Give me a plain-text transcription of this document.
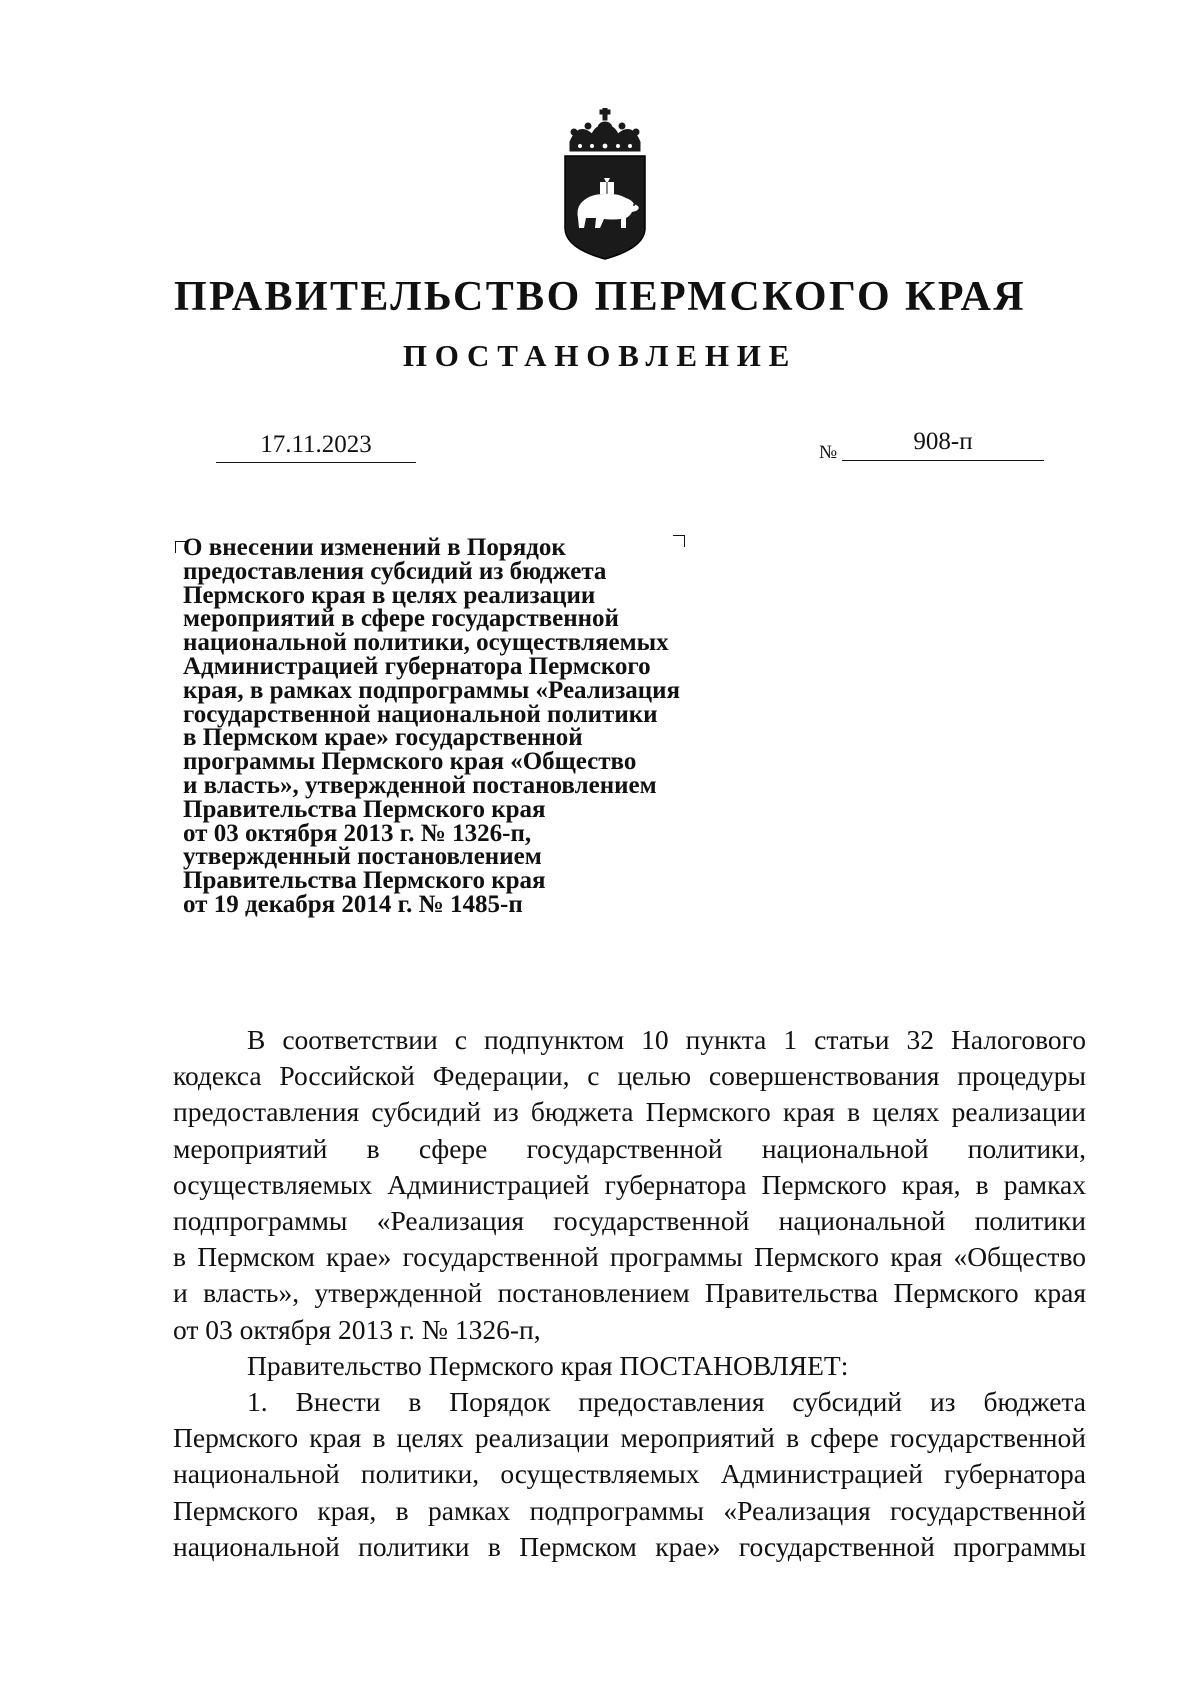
ПРАВИТЕЛЬСТВО ПЕРМСКОГО КРАЯ
ПОСТАНОВЛЕНИЕ
17.11.2023	№	908-п
О внесении изменений в Порядок
предоставления субсидий из бюджета
Пермского края в целях реализации
мероприятий в сфере государственной
национальной политики, осуществляемых
Администрацией губернатора Пермского
края, в рамках подпрограммы «Реализация
государственной национальной политики
в Пермском крае» государственной
программы Пермского края «Общество
и власть», утвержденной постановлением
Правительства Пермского края
от 03 октября 2013 г. № 1326-п,
утвержденный постановлением
Правительства Пермского края
от 19 декабря 2014 г. № 1485-п
В соответствии с подпунктом 10 пункта 1 статьи 32 Налогового
кодекса Российской Федерации, с целью совершенствования процедуры
предоставления субсидий из бюджета Пермского края в целях реализации
мероприятий в сфере государственной национальной политики,
осуществляемых Администрацией губернатора Пермского края, в рамках
подпрограммы «Реализация государственной национальной политики
в Пермском крае» государственной программы Пермского края «Общество
и власть», утвержденной постановлением Правительства Пермского края
от 03 октября 2013 г. № 1326-п,
Правительство Пермского края ПОСТАНОВЛЯЕТ:
1. Внести в Порядок предоставления субсидий из бюджета
Пермского края в целях реализации мероприятий в сфере государственной
национальной политики, осуществляемых Администрацией губернатора
Пермского края, в рамках подпрограммы «Реализация государственной
национальной политики в Пермском крае» государственной программы
